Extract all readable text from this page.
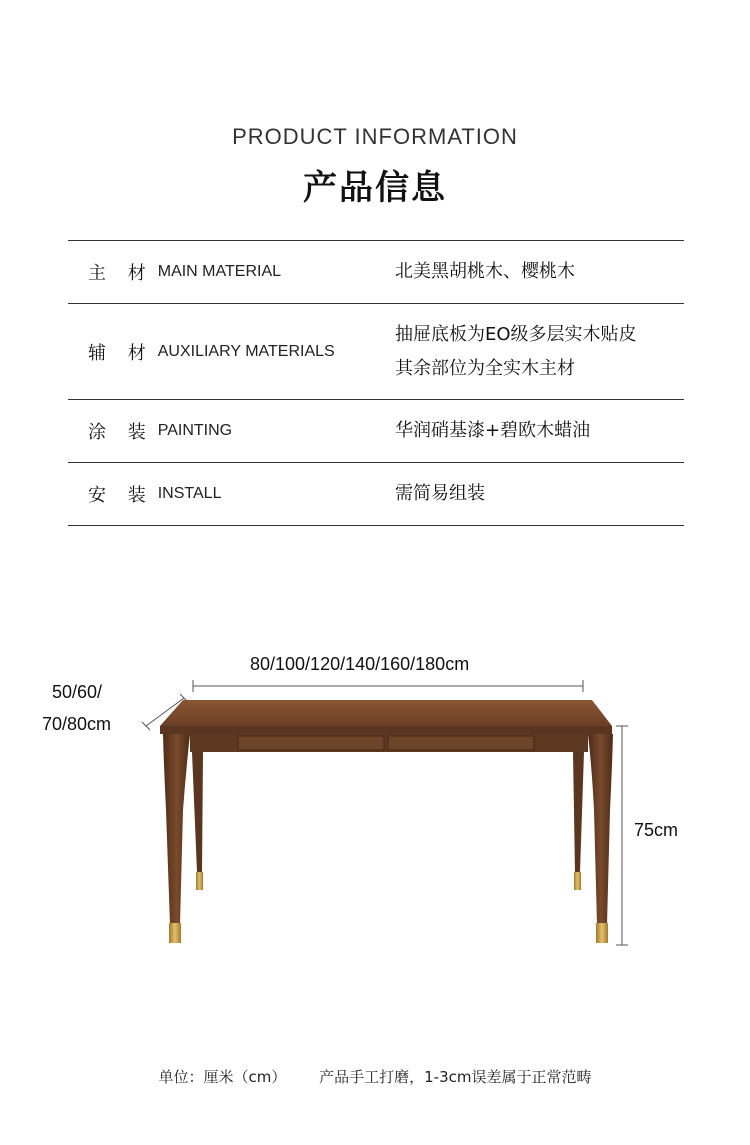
PRODUCT INFORMATION
产品信息
主 材 MAIN MATERIAL	北美黑胡桃木、樱桃木
辅 材 AUXILIARY MATERIALS
抽屉底板为EO级多层实木贴皮
其余部位为全实木主材
涂 装 PAINTING	华润硝基漆+碧欧木蜡油
安 装 INSTALL	需简易组装
80/100/120/140/160/180cm
50/60/
70/80cm
75cm
单位：厘米（cm） 产品手工打磨，1-3cm误差属于正常范畴
